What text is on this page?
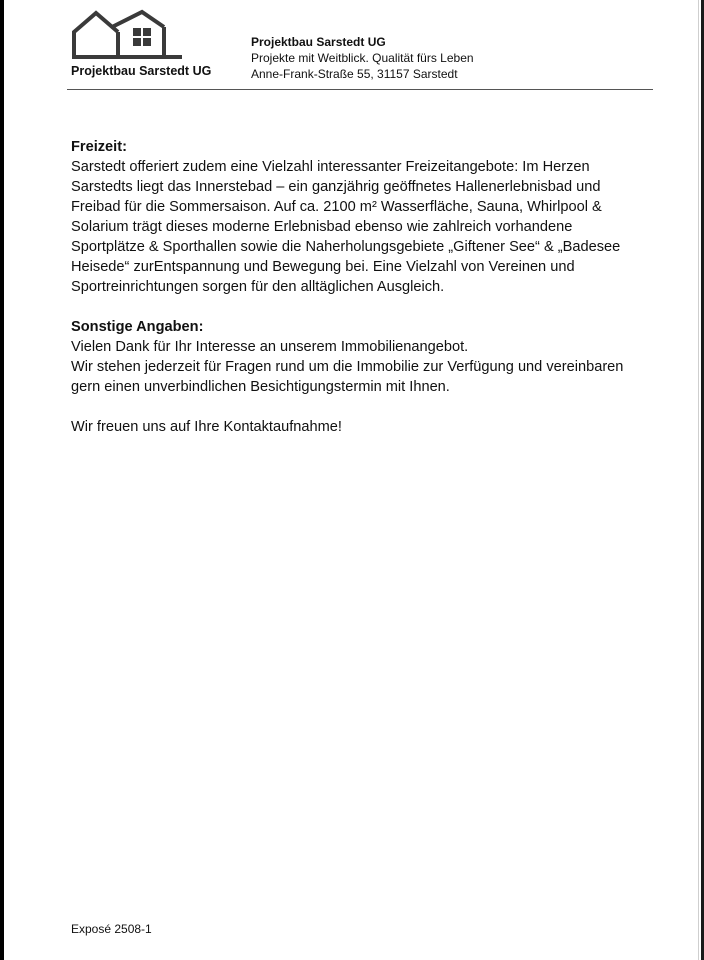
Projektbau Sarstedt UG
Projektbau Sarstedt UG
Projekte mit Weitblick. Qualität fürs Leben
Anne-Frank-Straße 55, 31157 Sarstedt

Freizeit:

Sarstedt offeriert zudem eine Vielzahl interessanter Freizeitangebote: Im Herzen Sarstedts liegt das Innerstebad – ein ganzjährig geöffnetes Hallenerlebnisbad und Freibad für die Sommersaison. Auf ca. 2100 m² Wasserfläche, Sauna, Whirlpool & Solarium trägt dieses moderne Erlebnisbad ebenso wie zahlreich vorhandene Sportplätze & Sporthallen sowie die Naherholungsgebiete „Giftener See“ & „Badesee Heisede“ zurEntspannung und Bewegung bei. Eine Vielzahl von Vereinen und Sportreinrichtungen sorgen für den alltäglichen Ausgleich.

Sonstige Angaben:

Vielen Dank für Ihr Interesse an unserem Immobilienangebot.

Wir stehen jederzeit für Fragen rund um die Immobilie zur Verfügung und vereinbaren gern einen unverbindlichen Besichtigungstermin mit Ihnen.

Wir freuen uns auf Ihre Kontaktaufnahme!

Exposé 2508-1
